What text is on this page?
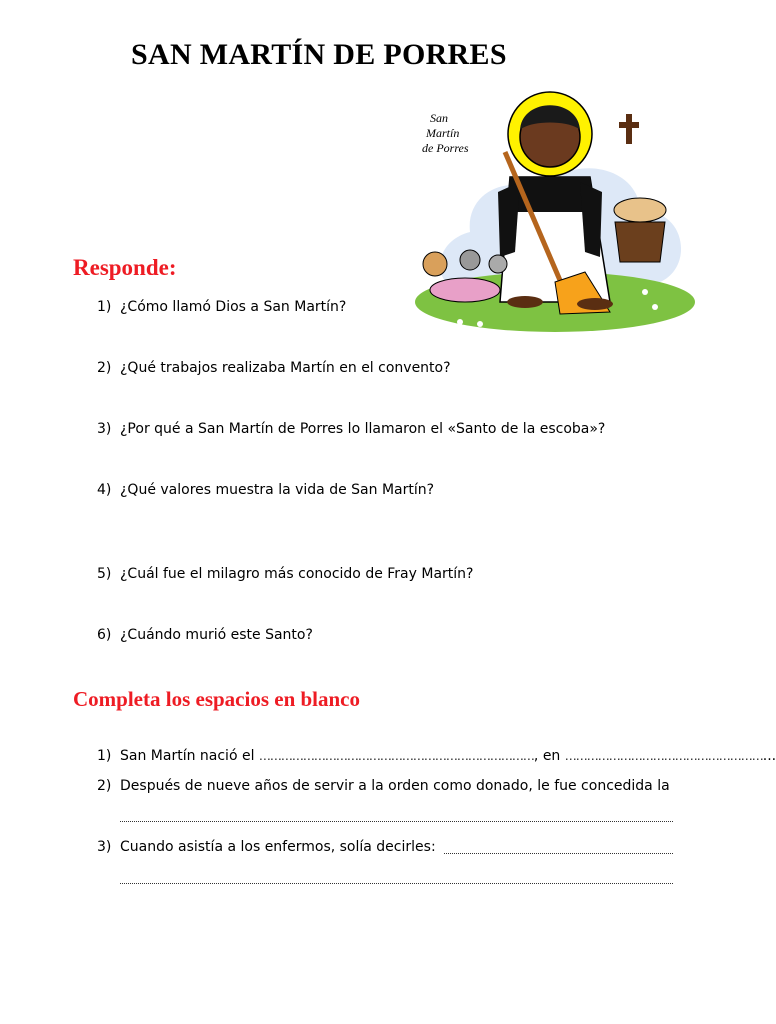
SAN MARTÍN DE PORRES
San
Martín
de Porres
Responde:
1) ¿Cómo llamó Dios a San Martín?
2) ¿Qué trabajos realizaba Martín en el convento?
3) ¿Por qué a San Martín de Porres lo llamaron el «Santo de la escoba»?
4) ¿Qué valores muestra la vida de San Martín?
5) ¿Cuál fue el milagro más conocido de Fray Martín?
6) ¿Cuándo murió este Santo?
Completa los espacios en blanco
1) San Martín nació el …………………………………………………………………, en ………………………………………………...
2) Después de nueve años de servir a la orden como donado, le fue concedida la
3) Cuando asistía a los enfermos, solía decirles:
